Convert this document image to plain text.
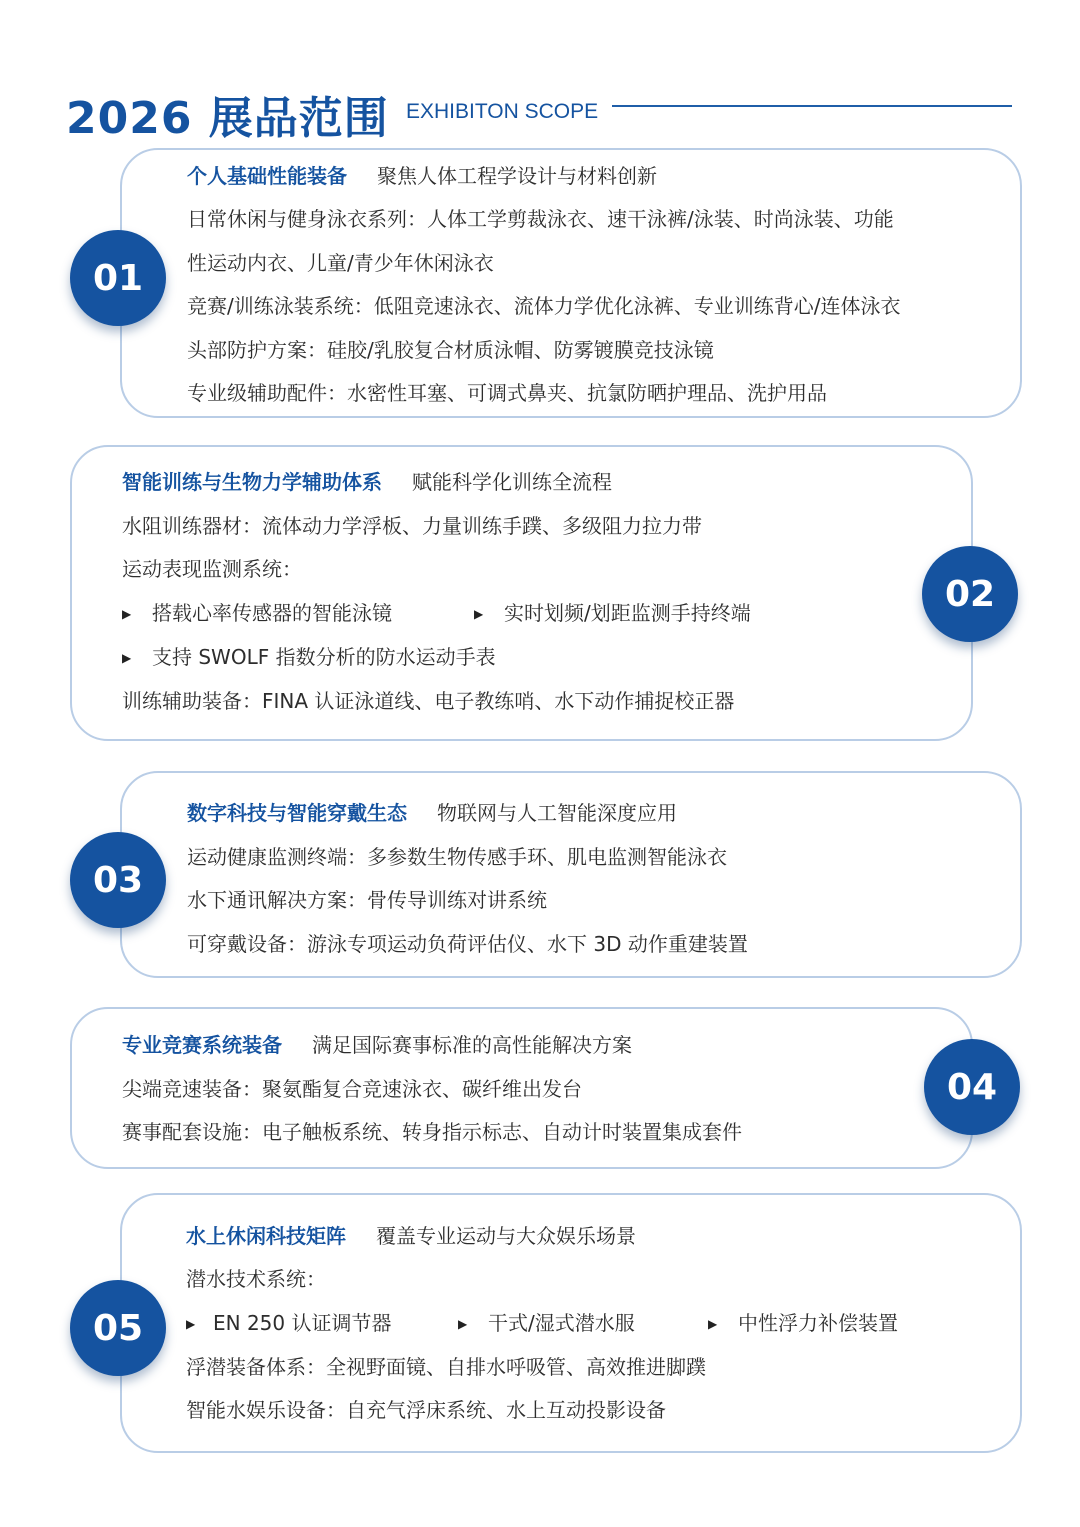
2026 展品范围 EXHIBITON SCOPE
01
个人基础性能装备 聚焦人体工程学设计与材料创新
日常休闲与健身泳衣系列：人体工学剪裁泳衣、速干泳裤/泳装、时尚泳装、功能
性运动内衣、儿童/青少年休闲泳衣
竞赛/训练泳装系统：低阻竞速泳衣、流体力学优化泳裤、专业训练背心/连体泳衣
头部防护方案：硅胶/乳胶复合材质泳帽、防雾镀膜竞技泳镜
专业级辅助配件：水密性耳塞、可调式鼻夹、抗氯防晒护理品、洗护用品
02
智能训练与生物力学辅助体系 赋能科学化训练全流程
水阻训练器材：流体动力学浮板、力量训练手蹼、多级阻力拉力带
运动表现监测系统：
▶ 搭载心率传感器的智能泳镜	▶ 实时划频/划距监测手持终端
▶ 支持 SWOLF 指数分析的防水运动手表
训练辅助装备：FINA 认证泳道线、电子教练哨、水下动作捕捉校正器
03
数字科技与智能穿戴生态 物联网与人工智能深度应用
运动健康监测终端：多参数生物传感手环、肌电监测智能泳衣
水下通讯解决方案：骨传导训练对讲系统
可穿戴设备：游泳专项运动负荷评估仪、水下 3D 动作重建装置
04
专业竞赛系统装备 满足国际赛事标准的高性能解决方案
尖端竞速装备：聚氨酯复合竞速泳衣、碳纤维出发台
赛事配套设施：电子触板系统、转身指示标志、自动计时装置集成套件
05
水上休闲科技矩阵 覆盖专业运动与大众娱乐场景
潜水技术系统：
▶ EN 250 认证调节器	▶ 干式/湿式潜水服	▶ 中性浮力补偿装置
浮潜装备体系：全视野面镜、自排水呼吸管、高效推进脚蹼
智能水娱乐设备：自充气浮床系统、水上互动投影设备
